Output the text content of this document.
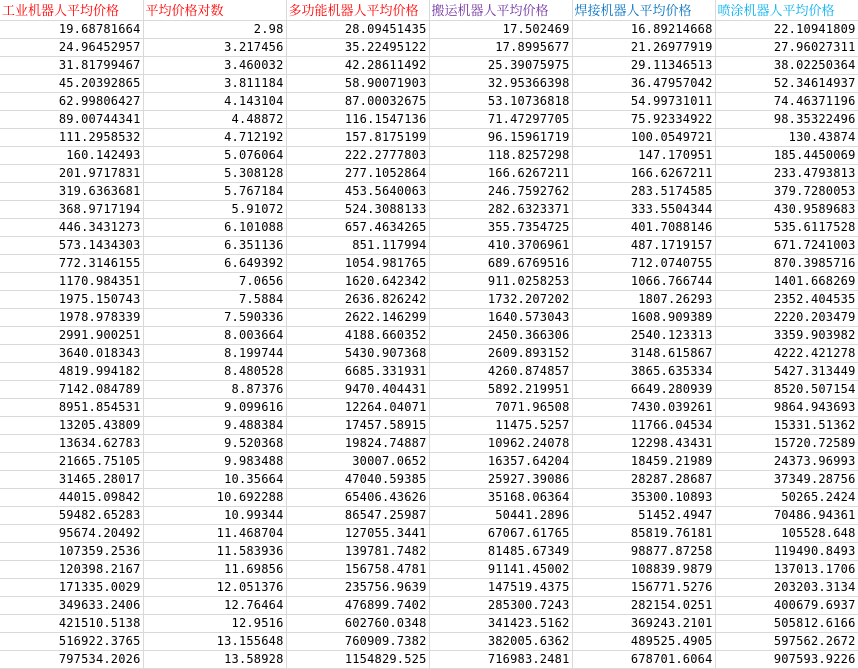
工业机器人平均价格	平均价格对数	多功能机器人平均价格	搬运机器人平均价格	焊接机器人平均价格	喷涂机器人平均价格
19.68781664	2.98	28.09451435	17.502469	16.89214668	22.10941809
24.96452957	3.217456	35.22495122	17.8995677	21.26977919	27.96027311
31.81799467	3.460032	42.28611492	25.39075975	29.11346513	38.02250364
45.20392865	3.811184	58.90071903	32.95366398	36.47957042	52.34614937
62.99806427	4.143104	87.00032675	53.10736818	54.99731011	74.46371196
89.00744341	4.48872	116.1547136	71.47297705	75.92334922	98.35322496
111.2958532	4.712192	157.8175199	96.15961719	100.0549721	130.43874
160.142493	5.076064	222.2777803	118.8257298	147.170951	185.4450069
201.9717831	5.308128	277.1052864	166.6267211	166.6267211	233.4793813
319.6363681	5.767184	453.5640063	246.7592762	283.5174585	379.7280053
368.9717194	5.91072	524.3088133	282.6323371	333.5504344	430.9589683
446.3431273	6.101088	657.4634265	355.7354725	401.7088146	535.6117528
573.1434303	6.351136	851.117994	410.3706961	487.1719157	671.7241003
772.3146155	6.649392	1054.981765	689.6769516	712.0740755	870.3985716
1170.984351	7.0656	1620.642342	911.0258253	1066.766744	1401.668269
1975.150743	7.5884	2636.826242	1732.207202	1807.26293	2352.404535
1978.978339	7.590336	2622.146299	1640.573043	1608.909389	2220.203479
2991.900251	8.003664	4188.660352	2450.366306	2540.123313	3359.903982
3640.018343	8.199744	5430.907368	2609.893152	3148.615867	4222.421278
4819.994182	8.480528	6685.331931	4260.874857	3865.635334	5427.313449
7142.084789	8.87376	9470.404431	5892.219951	6649.280939	8520.507154
8951.854531	9.099616	12264.04071	7071.96508	7430.039261	9864.943693
13205.43809	9.488384	17457.58915	11475.5257	11766.04534	15331.51362
13634.62783	9.520368	19824.74887	10962.24078	12298.43431	15720.72589
21665.75105	9.983488	30007.0652	16357.64204	18459.21989	24373.96993
31465.28017	10.35664	47040.59385	25927.39086	28287.28687	37349.28756
44015.09842	10.692288	65406.43626	35168.06364	35300.10893	50265.2424
59482.65283	10.99344	86547.25987	50441.2896	51452.4947	70486.94361
95674.20492	11.468704	127055.3441	67067.61765	85819.76181	105528.648
107359.2536	11.583936	139781.7482	81485.67349	98877.87258	119490.8493
120398.2167	11.69856	156758.4781	91141.45002	108839.9879	137013.1706
171335.0029	12.051376	235756.9639	147519.4375	156771.5276	203203.3134
349633.2406	12.76464	476899.7402	285300.7243	282154.0251	400679.6937
421510.5138	12.9516	602760.0348	341423.5162	369243.2101	505812.6166
516922.3765	13.155648	760909.7382	382005.6362	489525.4905	597562.2672
797534.2026	13.58928	1154829.525	716983.2481	678701.6064	907593.9226
